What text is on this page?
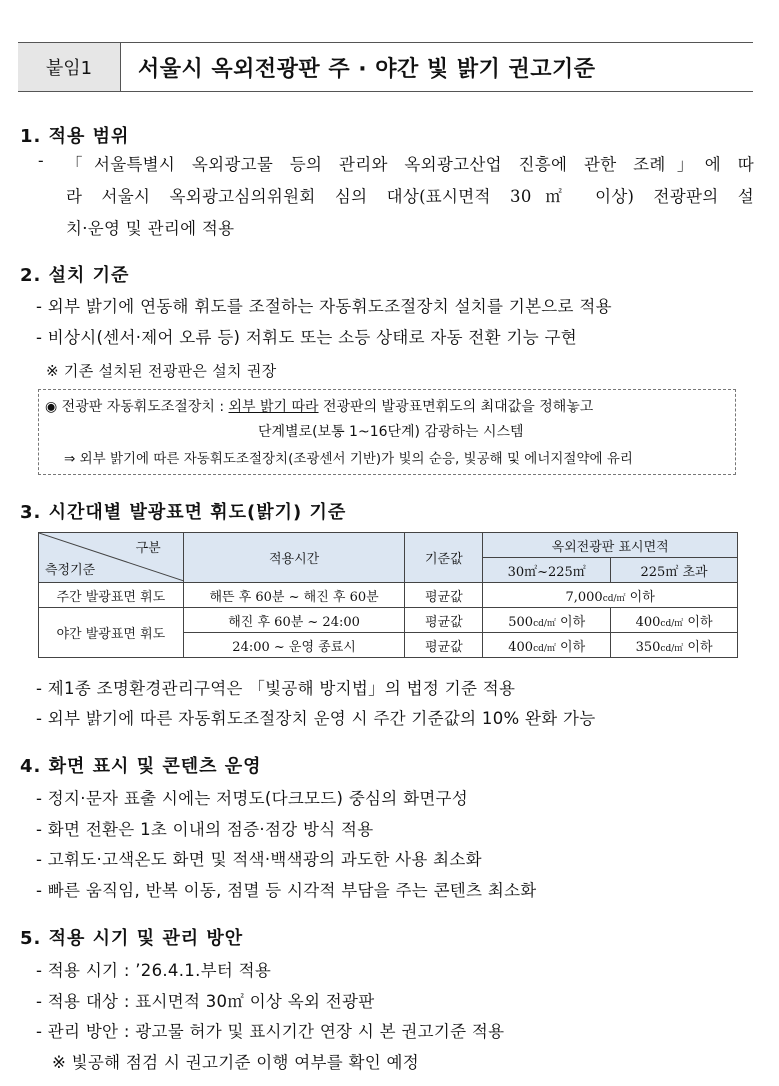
붙임1	서울시 옥외전광판 주 · 야간 빛 밝기 권고기준
1. 적용 범위
- 「서울특별시 옥외광고물 등의 관리와 옥외광고산업 진흥에 관한 조례」에 따
라 서울시 옥외광고심의위원회 심의 대상(표시면적 30㎡ 이상) 전광판의 설
치·운영 및 관리에 적용
2. 설치 기준
- 외부 밝기에 연동해 휘도를 조절하는 자동휘도조절장치 설치를 기본으로 적용
- 비상시(센서·제어 오류 등) 저휘도 또는 소등 상태로 자동 전환 기능 구현
※ 기존 설치된 전광판은 설치 권장
◉ 전광판 자동휘도조절장치 : 외부 밝기 따라 전광판의 발광표면휘도의 최대값을 정해놓고
단계별로(보통 1~16단계) 감광하는 시스템
⇒ 외부 밝기에 따른 자동휘도조절장치(조광센서 기반)가 빛의 순응, 빛공해 및 에너지절약에 유리
3. 시간대별 발광표면 휘도(밝기) 기준
구분
측정기준	적용시간	기준값	옥외전광판 표시면적	
			30㎡~225㎡	225㎡ 초과
주간 발광표면 휘도	해뜬 후 60분 ~ 해진 후 60분	평균값	7,000cd/㎡ 이하	
야간 발광표면 휘도	해진 후 60분 ~ 24:00	평균값	500cd/㎡ 이하	400cd/㎡ 이하
	24:00 ~ 운영 종료시	평균값	400cd/㎡ 이하	350cd/㎡ 이하
- 제1종 조명환경관리구역은 「빛공해 방지법」의 법정 기준 적용
- 외부 밝기에 따른 자동휘도조절장치 운영 시 주간 기준값의 10% 완화 가능
4. 화면 표시 및 콘텐츠 운영
- 정지·문자 표출 시에는 저명도(다크모드) 중심의 화면구성
- 화면 전환은 1초 이내의 점증·점강 방식 적용
- 고휘도·고색온도 화면 및 적색·백색광의 과도한 사용 최소화
- 빠른 움직임, 반복 이동, 점멸 등 시각적 부담을 주는 콘텐츠 최소화
5. 적용 시기 및 관리 방안
- 적용 시기 : ’26.4.1.부터 적용
- 적용 대상 : 표시면적 30㎡ 이상 옥외 전광판
- 관리 방안 : 광고물 허가 및 표시기간 연장 시 본 권고기준 적용
※ 빛공해 점검 시 권고기준 이행 여부를 확인 예정
